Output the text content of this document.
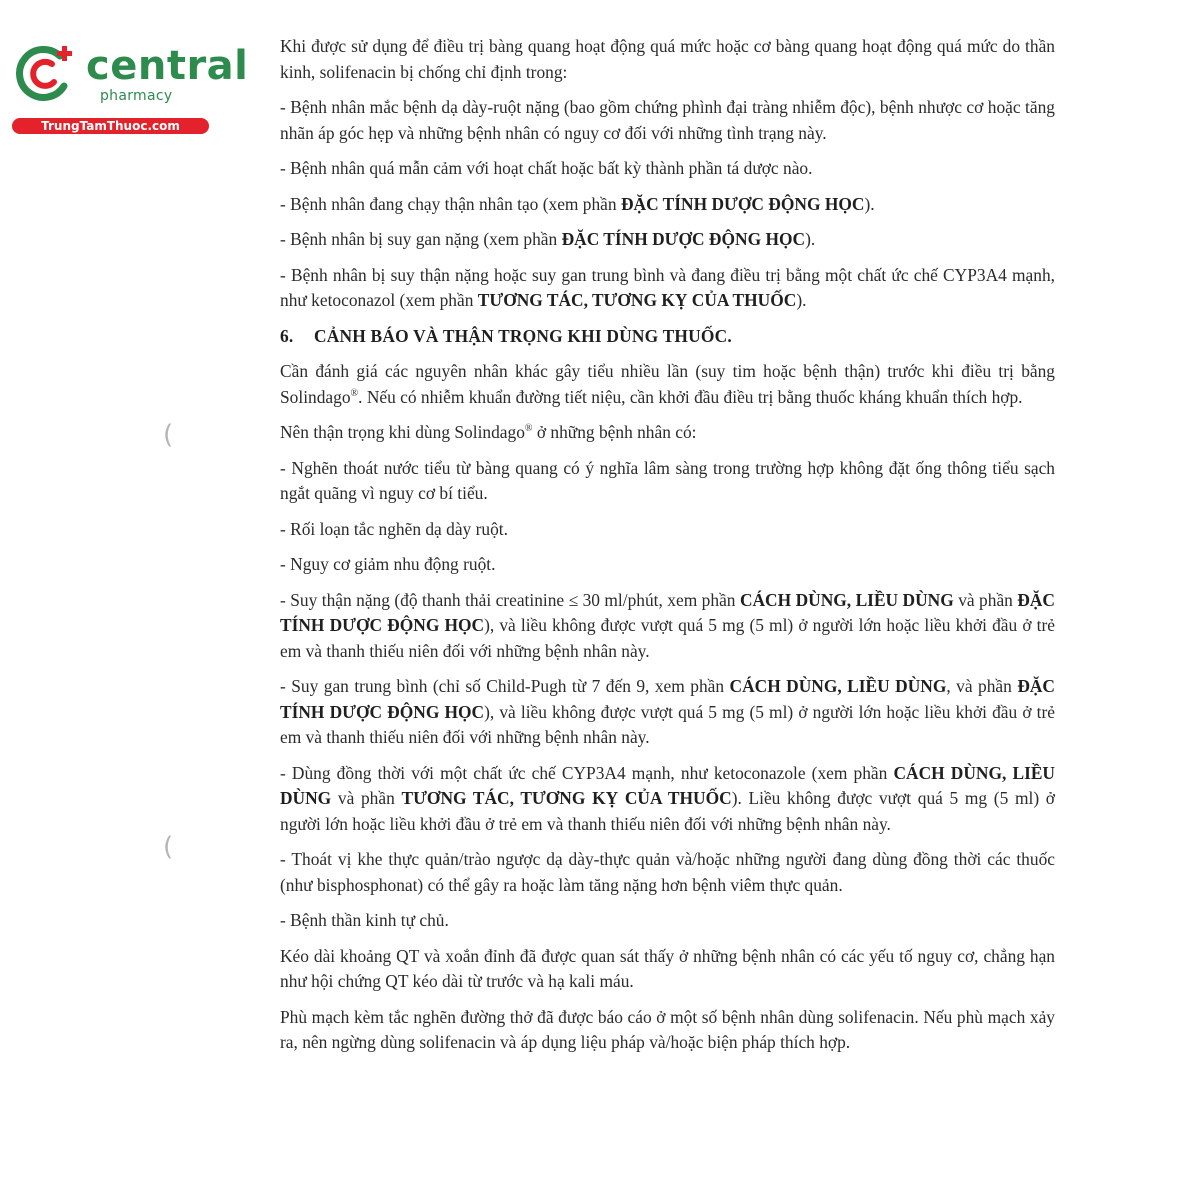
central
pharmacy
TrungTamThuoc.com
(
(

Khi được sử dụng để điều trị bàng quang hoạt động quá mức hoặc cơ bàng quang hoạt động quá mức do thần kinh, solifenacin bị chống chỉ định trong:

- Bệnh nhân mắc bệnh dạ dày-ruột nặng (bao gồm chứng phình đại tràng nhiễm độc), bệnh nhược cơ hoặc tăng nhãn áp góc hẹp và những bệnh nhân có nguy cơ đối với những tình trạng này.

- Bệnh nhân quá mẫn cảm với hoạt chất hoặc bất kỳ thành phần tá dược nào.

- Bệnh nhân đang chạy thận nhân tạo (xem phần ĐẶC TÍNH DƯỢC ĐỘNG HỌC).

- Bệnh nhân bị suy gan nặng (xem phần ĐẶC TÍNH DƯỢC ĐỘNG HỌC).

- Bệnh nhân bị suy thận nặng hoặc suy gan trung bình và đang điều trị bằng một chất ức chế CYP3A4 mạnh, như ketoconazol (xem phần TƯƠNG TÁC, TƯƠNG KỴ CỦA THUỐC).

6. CẢNH BÁO VÀ THẬN TRỌNG KHI DÙNG THUỐC.

Cần đánh giá các nguyên nhân khác gây tiểu nhiều lần (suy tim hoặc bệnh thận) trước khi điều trị bằng Solindago®. Nếu có nhiễm khuẩn đường tiết niệu, cần khởi đầu điều trị bằng thuốc kháng khuẩn thích hợp.

Nên thận trọng khi dùng Solindago® ở những bệnh nhân có:

- Nghẽn thoát nước tiểu từ bàng quang có ý nghĩa lâm sàng trong trường hợp không đặt ống thông tiểu sạch ngắt quãng vì nguy cơ bí tiểu.

- Rối loạn tắc nghẽn dạ dày ruột.

- Nguy cơ giảm nhu động ruột.

- Suy thận nặng (độ thanh thải creatinine ≤ 30 ml/phút, xem phần CÁCH DÙNG, LIỀU DÙNG và phần ĐẶC TÍNH DƯỢC ĐỘNG HỌC), và liều không được vượt quá 5 mg (5 ml) ở người lớn hoặc liều khởi đầu ở trẻ em và thanh thiếu niên đối với những bệnh nhân này.

- Suy gan trung bình (chỉ số Child-Pugh từ 7 đến 9, xem phần CÁCH DÙNG, LIỀU DÙNG, và phần ĐẶC TÍNH DƯỢC ĐỘNG HỌC), và liều không được vượt quá 5 mg (5 ml) ở người lớn hoặc liều khởi đầu ở trẻ em và thanh thiếu niên đối với những bệnh nhân này.

- Dùng đồng thời với một chất ức chế CYP3A4 mạnh, như ketoconazole (xem phần CÁCH DÙNG, LIỀU DÙNG và phần TƯƠNG TÁC, TƯƠNG KỴ CỦA THUỐC). Liều không được vượt quá 5 mg (5 ml) ở người lớn hoặc liều khởi đầu ở trẻ em và thanh thiếu niên đối với những bệnh nhân này.

- Thoát vị khe thực quản/trào ngược dạ dày-thực quản và/hoặc những người đang dùng đồng thời các thuốc (như bisphosphonat) có thể gây ra hoặc làm tăng nặng hơn bệnh viêm thực quản.

- Bệnh thần kinh tự chủ.

Kéo dài khoảng QT và xoắn đỉnh đã được quan sát thấy ở những bệnh nhân có các yếu tố nguy cơ, chẳng hạn như hội chứng QT kéo dài từ trước và hạ kali máu.

Phù mạch kèm tắc nghẽn đường thở đã được báo cáo ở một số bệnh nhân dùng solifenacin. Nếu phù mạch xảy ra, nên ngừng dùng solifenacin và áp dụng liệu pháp và/hoặc biện pháp thích hợp.
